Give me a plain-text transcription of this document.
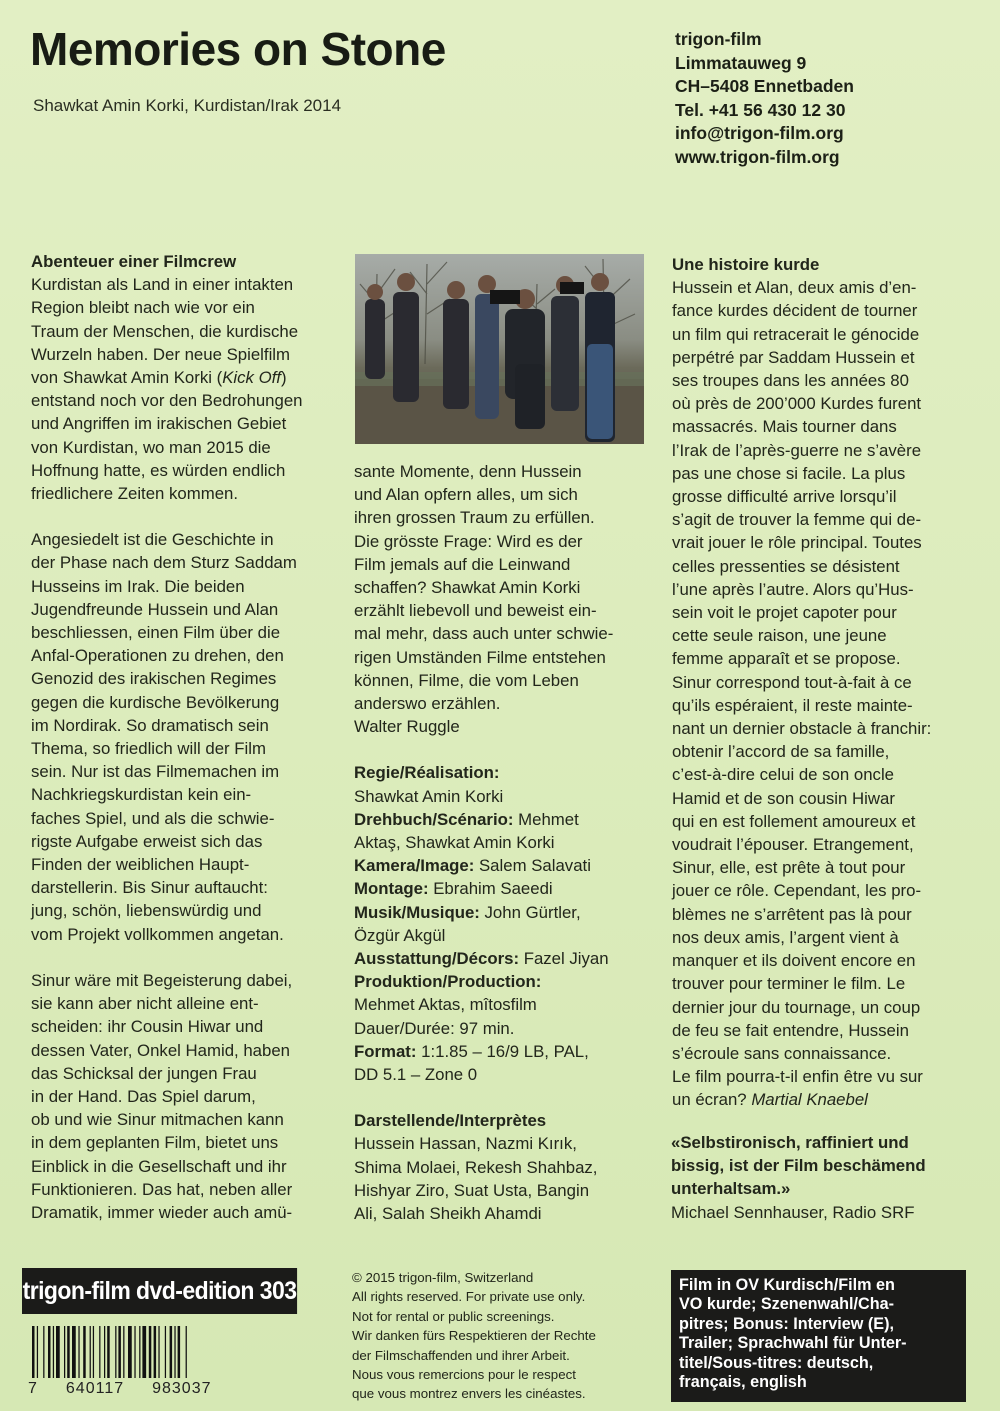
Memories on Stone
Shawkat Amin Korki, Kurdistan/Irak 2014
trigon-film
Limmatauweg 9
CH–5408 Ennetbaden
Tel. +41 56 430 12 30
info@trigon-film.org
www.trigon-film.org

Abenteuer einer Filmcrew

Kurdistan als Land in einer intakten

Region bleibt nach wie vor ein

Traum der Menschen, die kurdische

Wurzeln haben. Der neue Spielfilm

von Shawkat Amin Korki (Kick Off)

entstand noch vor den Bedrohungen

und Angriffen im irakischen Gebiet

von Kurdistan, wo man 2015 die

Hoffnung hatte, es würden endlich

friedlichere Zeiten kommen.

Angesiedelt ist die Geschichte in

der Phase nach dem Sturz Saddam

Husseins im Irak. Die beiden

Jugendfreunde Hussein und Alan

beschliessen, einen Film über die

Anfal-Operationen zu drehen, den

Genozid des irakischen Regimes

gegen die kurdische Bevölkerung

im Nordirak. So dramatisch sein

Thema, so friedlich will der Film

sein. Nur ist das Filmemachen im

Nachkriegskurdistan kein ein-

faches Spiel, und als die schwie-

rigste Aufgabe erweist sich das

Finden der weiblichen Haupt-

darstellerin. Bis Sinur auftaucht:

jung, schön, liebenswürdig und

vom Projekt vollkommen angetan.

Sinur wäre mit Begeisterung dabei,

sie kann aber nicht alleine ent-

scheiden: ihr Cousin Hiwar und

dessen Vater, Onkel Hamid, haben

das Schicksal der jungen Frau

in der Hand. Das Spiel darum,

ob und wie Sinur mitmachen kann

in dem geplanten Film, bietet uns

Einblick in die Gesellschaft und ihr

Funktionieren. Das hat, neben aller

Dramatik, immer wieder auch amü-

sante Momente, denn Hussein

und Alan opfern alles, um sich

ihren grossen Traum zu erfüllen.

Die grösste Frage: Wird es der

Film jemals auf die Leinwand

schaffen? Shawkat Amin Korki

erzählt liebevoll und beweist ein-

mal mehr, dass auch unter schwie-

rigen Umständen Filme entstehen

können, Filme, die vom Leben

anderswo erzählen.

Walter Ruggle

Regie/Réalisation:

Shawkat Amin Korki

Drehbuch/Scénario: Mehmet

Aktaş, Shawkat Amin Korki

Kamera/Image: Salem Salavati

Montage: Ebrahim Saeedi

Musik/Musique: John Gürtler,

Özgür Akgül

Ausstattung/Décors: Fazel Jiyan

Produktion/Production:

Mehmet Aktas, mîtosfilm

Dauer/Durée: 97 min.

Format: 1:1.85 – 16/9 LB, PAL,

DD 5.1 – Zone 0

Darstellende/Interprètes

Hussein Hassan, Nazmi Kırık,

Shima Molaei, Rekesh Shahbaz,

Hishyar Ziro, Suat Usta, Bangin

Ali, Salah Sheikh Ahamdi

Une histoire kurde

Hussein et Alan, deux amis d’en-

fance kurdes décident de tourner

un film qui retracerait le génocide

perpétré par Saddam Hussein et

ses troupes dans les années 80

où près de 200’000 Kurdes furent

massacrés. Mais tourner dans

l’Irak de l’après-guerre ne s’avère

pas une chose si facile. La plus

grosse difficulté arrive lorsqu’il

s’agit de trouver la femme qui de-

vrait jouer le rôle principal. Toutes

celles pressenties se désistent

l’une après l’autre. Alors qu’Hus-

sein voit le projet capoter pour

cette seule raison, une jeune

femme apparaît et se propose.

Sinur correspond tout-à-fait à ce

qu’ils espéraient, il reste mainte-

nant un dernier obstacle à franchir:

obtenir l’accord de sa famille,

c’est-à-dire celui de son oncle

Hamid et de son cousin Hiwar

qui en est follement amoureux et

voudrait l’épouser. Etrangement,

Sinur, elle, est prête à tout pour

jouer ce rôle. Cependant, les pro-

blèmes ne s’arrêtent pas là pour

nos deux amis, l’argent vient à

manquer et ils doivent encore en

trouver pour terminer le film. Le

dernier jour du tournage, un coup

de feu se fait entendre, Hussein

s’écroule sans connaissance.

Le film pourra-t-il enfin être vu sur

un écran? Martial Knaebel

«Selbstironisch, raffiniert und

bissig, ist der Film beschämend

unterhaltsam.»

Michael Sennhauser, Radio SRF

trigon-film dvd-edition 303
7 640117 983037

© 2015 trigon-film, Switzerland

All rights reserved. For private use only.

Not for rental or public screenings.

Wir danken fürs Respektieren der Rechte

der Filmschaffenden und ihrer Arbeit.

Nous vous remercions pour le respect

que vous montrez envers les cinéastes.

Film in OV Kurdisch/Film en

VO kurde; Szenenwahl/Cha-

pitres; Bonus: Interview (E),

Trailer; Sprachwahl für Unter-

titel/Sous-titres: deutsch,

français, english
